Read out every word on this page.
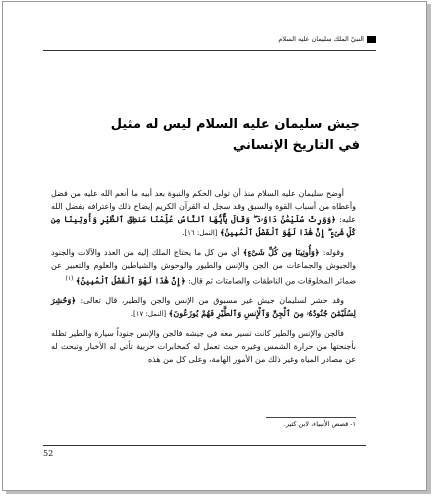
النبيّ الملك سليمان عليه السلام
جيش سليمان عليه السلام ليس له مثيل
في التاريخ الإنساني

أوضح سليمان عليه السلام منذ أن تولى الحكم والنبوة بعد أبيه ما أنعم الله عليه من فضل وأعطاه من أسباب القوة والسبق وقد سجل له القرآن الكريم إيضاح ذلك واعترافه بفضل الله عليه: ﴿وَوَرِثَ سُلَيْمَٰنُ دَاوُۥدَ ۖ وَقَالَ يَٰٓأَيُّهَا ٱلنَّاسُ عُلِّمْنَا مَنطِقَ ٱلطَّيْرِ وَأُوتِينَا مِن كُلِّ شَىْءٍ ۖ إِنَّ هَٰذَا لَهُوَ ٱلْفَضْلُ ٱلْمُبِينُ﴾ [النمل: ١٦].

وقوله: ﴿وَأُوتِينَا مِن كُلِّ شَىْءٍ﴾ أي من كل ما يحتاج الملك إليه من العدد والآلات والجنود والجيوش والجماعات من الجن والإنس والطيور والوحوش والشياطين والعلوم والتعبير عن ضمائر المخلوقات من الناطقات والصامتات ثم قال: ﴿إِنَّ هَٰذَا لَهُوَ ٱلْفَضْلُ ٱلْمُبِينُ﴾ $^{(١)}$

وقد حشر لسليمان جيش غير مسبوق من الإنس والجن والطير، قال تعالى: ﴿وَحُشِرَ لِسُلَيْمَٰنَ جُنُودُهُۥ مِنَ ٱلْجِنِّ وَٱلْإِنسِ وَٱلطَّيْرِ فَهُمْ يُوزَعُونَ﴾ [النمل: ١٧].

فالجن والإنس والطير كانت تسير معه في جيشه فالجن والإنس جنوداً سيارة والطير تظله بأجنحتها من حرارة الشمس وغيره حيث تعمل له كمخابرات حربية تأتي له الأخبار وتبحث له عن مصادر المياه وغير ذلك من الأمور الهامة، وعلى كل من هذه

١- قصص الأنبياء، لابن كثير.
52
